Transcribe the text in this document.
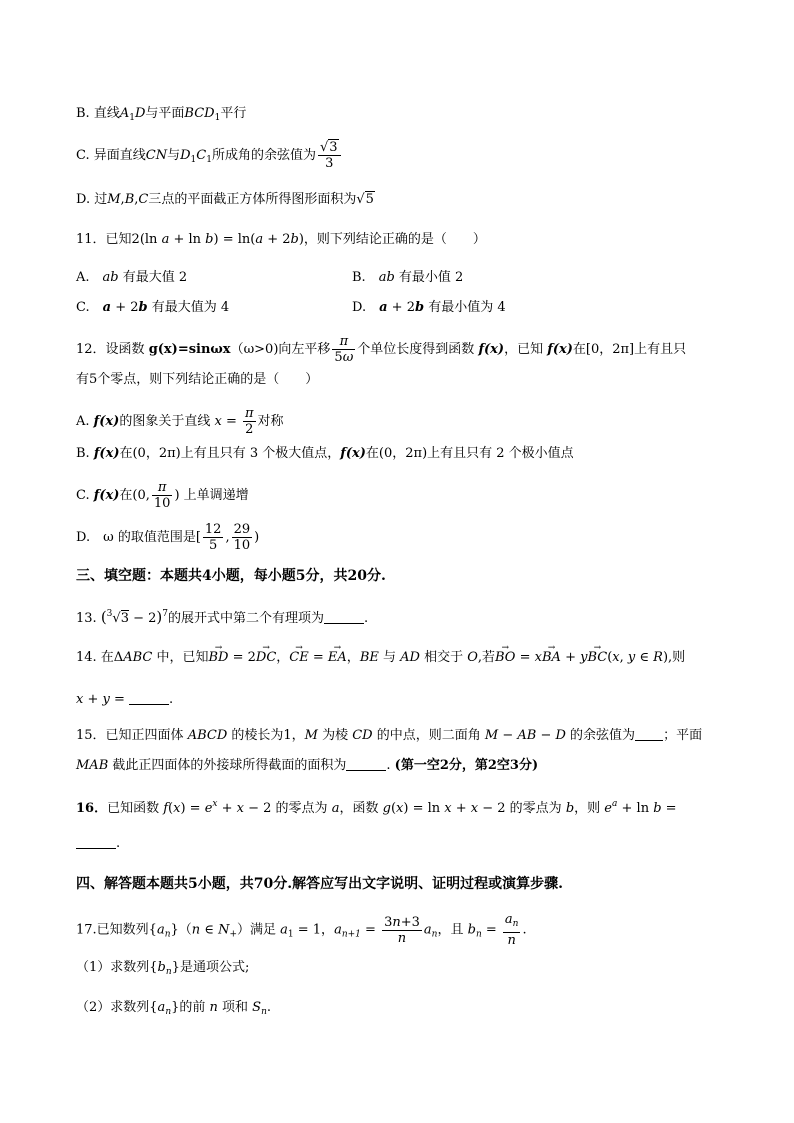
B. 直线$A_1D$与平面$BCD_1$平行
C. 异面直线CN与$D_1C_1$所成角的余弦值为 $\frac{√3}{3}$
D. 过M,B,C三点的平面截正方体所得图形面积为√5
11．已知2(ln a + ln b) = ln(a + 2b)，则下列结论正确的是（　　）
A.　 ab 有最大值 2	B.　 ab 有最小值 2
C.　 a + 2b 有最大值为 4	D.　 a + 2b 有最小值为 4
12．设函数 g(x)=sinωx（ω>0)向左平移 $\frac{\pi}{5\omega}$ 个单位长度得到函数 f(x)，已知 f(x)在[0，2π]上有且只
有5个零点，则下列结论正确的是（　　）
A. f(x)的图象关于直线 $x = \frac{\pi}{2}$ 对称
B. f(x)在(0，2π)上有且只有 3 个极大值点，f(x)在(0，2π)上有且只有 2 个极小值点
C. f(x)在(0, $\frac{\pi}{10}$ ) 上单调递增
D.　ω 的取值范围是[ $\frac{12}{5}$ , $\frac{29}{10}$ )
三、填空题：本题共4小题，每小题5分，共20分.
13. $(^3√3 - 2)^7$的展开式中第二个有理项为	.
14. 在ΔABC 中，已知→ BD = 2→ DC，→ CE = → EA，BE 与 AD 相交于 O,若→ BO = x→ BA + y→ BC(x, y ∈ R),则
x + y =	.
15．已知正四面体 ABCD 的棱长为1，M 为棱 CD 的中点，则二面角 M − AB − D 的余弦值为 ；平面
MAB 截此正四面体的外接球所得截面的面积为	. (第一空2分，第2空3分)
16．已知函数 $f(x) = e^x + x - 2$ 的零点为 a，函数 g(x) = ln x + x − 2 的零点为 b，则 $e^a + \ln b$ =
.
四、解答题本题共5小题，共70分.解答应写出文字说明、证明过程或演算步骤.
17.已知数列$\{a_n\}(n$ ∈ $N_+$）满足 $a_1 = 1$，$a_{n+1} = \frac{3n+3}{n} a_n$，且 $b_n = \frac{a_n}{n}$ .
（1）求数列$\{b_n\}$是通项公式;
（2）求数列$\{a_n\}$的前 n 项和 $S_n$.
